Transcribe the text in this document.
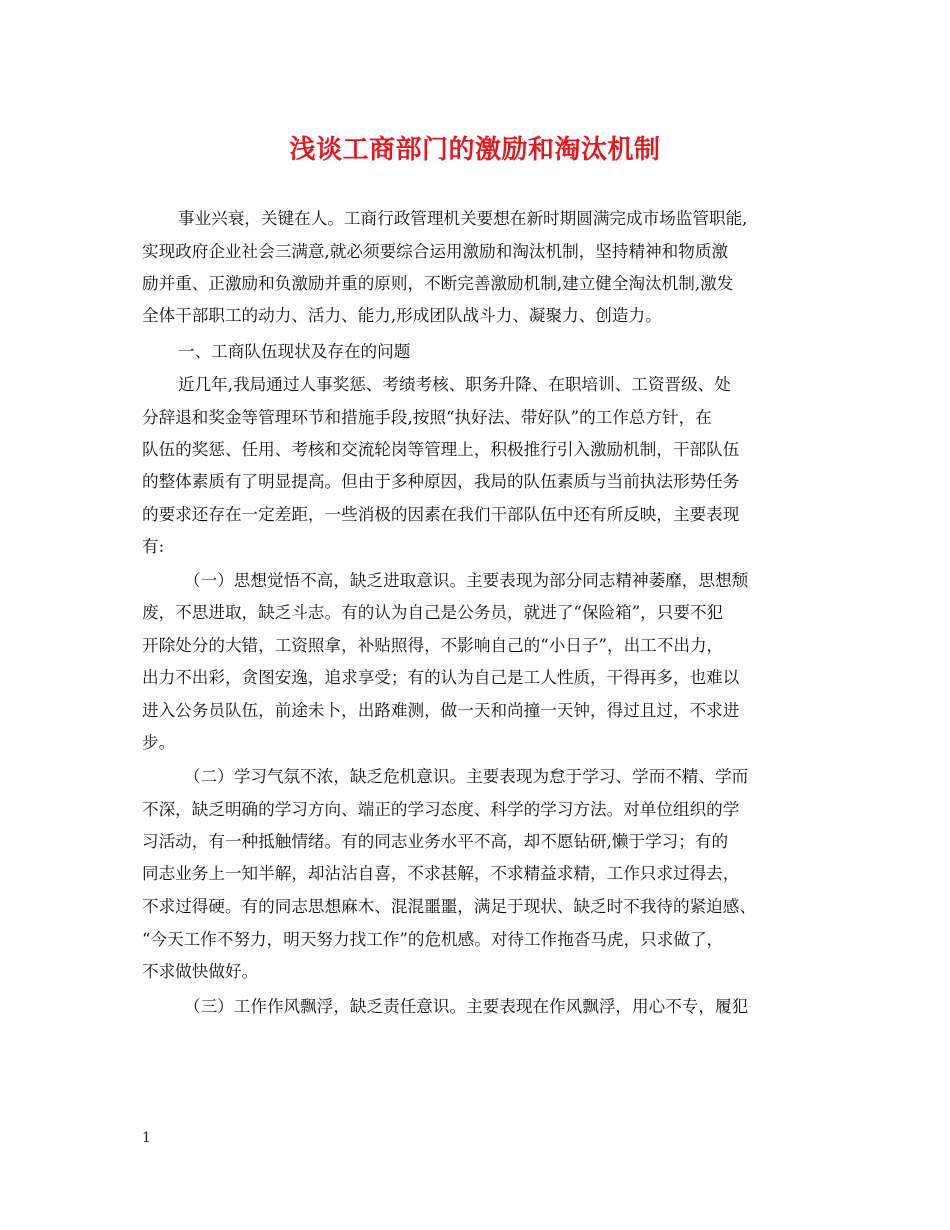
浅谈工商部门的激励和淘汰机制
事业兴衰，关键在人。工商行政管理机关要想在新时期圆满完成市场监管职能,
实现政府企业社会三满意,就必须要综合运用激励和淘汰机制，坚持精神和物质激
励并重、正激励和负激励并重的原则，不断完善激励机制,建立健全淘汰机制,激发
全体干部职工的动力、活力、能力,形成团队战斗力、凝聚力、创造力。
一、工商队伍现状及存在的问题
近几年,我局通过人事奖惩、考绩考核、职务升降、在职培训、工资晋级、处
分辞退和奖金等管理环节和措施手段,按照“执好法、带好队”的工作总方针，在
队伍的奖惩、任用、考核和交流轮岗等管理上，积极推行引入激励机制，干部队伍
的整体素质有了明显提高。但由于多种原因，我局的队伍素质与当前执法形势任务
的要求还存在一定差距，一些消极的因素在我们干部队伍中还有所反映，主要表现
有:
（一）思想觉悟不高，缺乏进取意识。主要表现为部分同志精神萎靡，思想颓
废，不思进取，缺乏斗志。有的认为自己是公务员，就进了“保险箱”，只要不犯
开除处分的大错，工资照拿，补贴照得，不影响自己的“小日子”，出工不出力，
出力不出彩，贪图安逸，追求享受；有的认为自己是工人性质，干得再多，也难以
进入公务员队伍，前途未卜，出路难测，做一天和尚撞一天钟，得过且过，不求进
步。
（二）学习气氛不浓，缺乏危机意识。主要表现为怠于学习、学而不精、学而
不深，缺乏明确的学习方向、端正的学习态度、科学的学习方法。对单位组织的学
习活动，有一种抵触情绪。有的同志业务水平不高，却不愿钻研,懒于学习；有的
同志业务上一知半解，却沾沾自喜，不求甚解，不求精益求精，工作只求过得去，
不求过得硬。有的同志思想麻木、混混噩噩，满足于现状、缺乏时不我待的紧迫感、
“今天工作不努力，明天努力找工作”的危机感。对待工作拖沓马虎，只求做了，
不求做快做好。
（三）工作作风飘浮，缺乏责任意识。主要表现在作风飘浮，用心不专，履犯
1
